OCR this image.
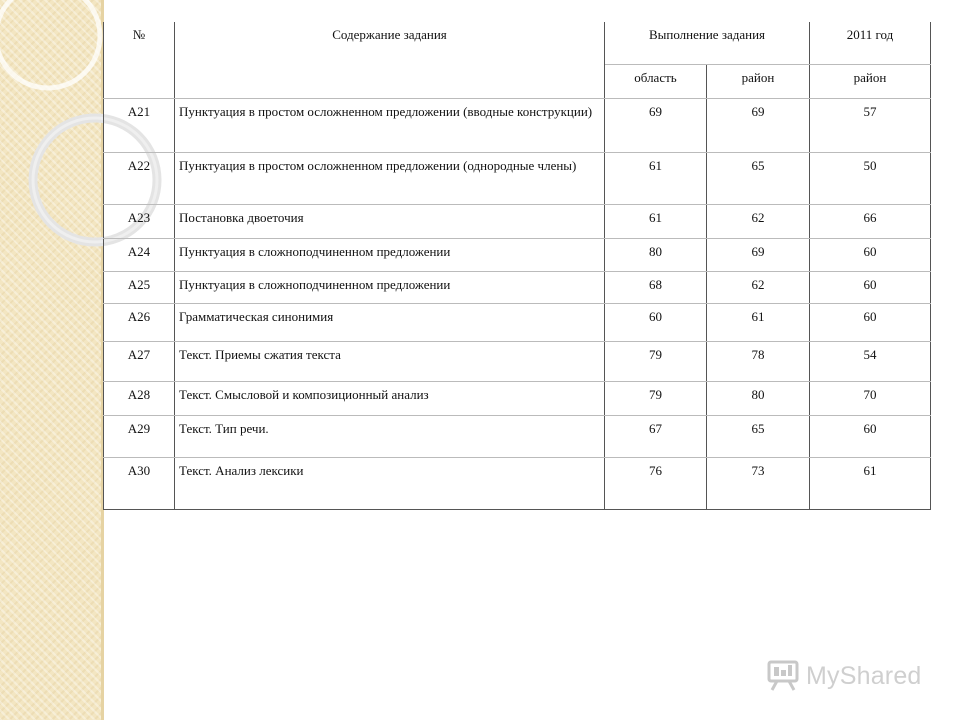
№	Содержание задания	Выполнение задания		2011 год
		область	район	район
А21	Пунктуация в простом осложненном предложении (вводные конструкции)	69	69	57
А22	Пунктуация в простом осложненном предложении (однородные члены)	61	65	50
А23	Постановка двоеточия	61	62	66
А24	Пунктуация в сложноподчиненном предложении	80	69	60
А25	Пунктуация в сложноподчиненном предложении	68	62	60
А26	Грамматическая синонимия	60	61	60
А27	Текст. Приемы сжатия текста	79	78	54
А28	Текст. Смысловой и композиционный анализ	79	80	70
А29	Текст. Тип речи.	67	65	60
А30	Текст. Анализ лексики	76	73	61
MyShared
